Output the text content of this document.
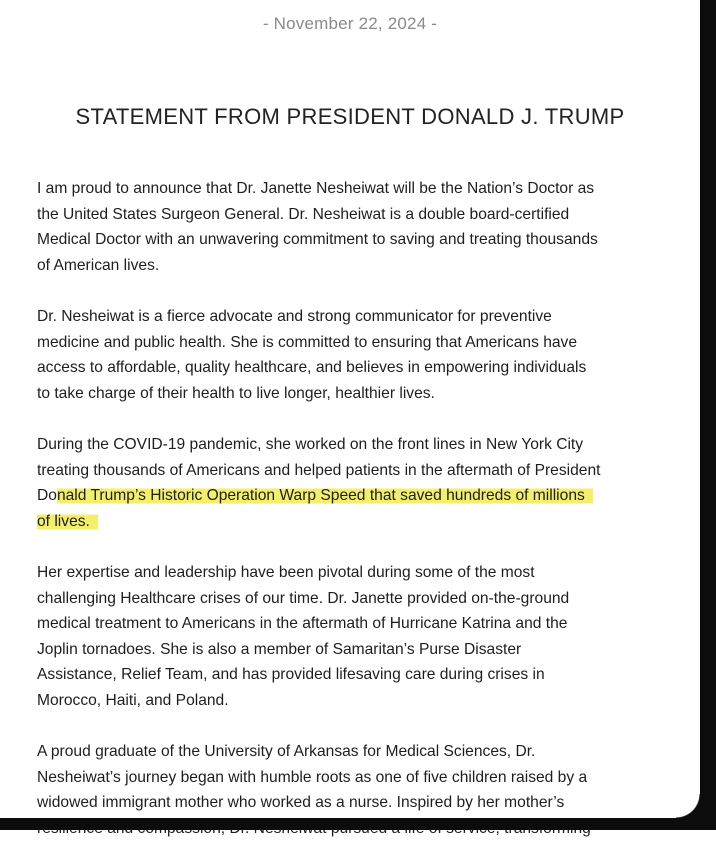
- November 22, 2024 -
STATEMENT FROM PRESIDENT DONALD J. TRUMP
I am proud to announce that Dr. Janette Nesheiwat will be the Nation’s Doctor as
the United States Surgeon General. Dr. Nesheiwat is a double board-certified
Medical Doctor with an unwavering commitment to saving and treating thousands
of American lives.
Dr. Nesheiwat is a fierce advocate and strong communicator for preventive
medicine and public health. She is committed to ensuring that Americans have
access to affordable, quality healthcare, and believes in empowering individuals
to take charge of their health to live longer, healthier lives.
During the COVID-19 pandemic, she worked on the front lines in New York City
treating thousands of Americans and helped patients in the aftermath of President
Donald Trump’s Historic Operation Warp Speed that saved hundreds of millions
of lives.
Her expertise and leadership have been pivotal during some of the most
challenging Healthcare crises of our time. Dr. Janette provided on-the-ground
medical treatment to Americans in the aftermath of Hurricane Katrina and the
Joplin tornadoes. She is also a member of Samaritan’s Purse Disaster
Assistance, Relief Team, and has provided lifesaving care during crises in
Morocco, Haiti, and Poland.
A proud graduate of the University of Arkansas for Medical Sciences, Dr.
Nesheiwat’s journey began with humble roots as one of five children raised by a
widowed immigrant mother who worked as a nurse. Inspired by her mother’s
